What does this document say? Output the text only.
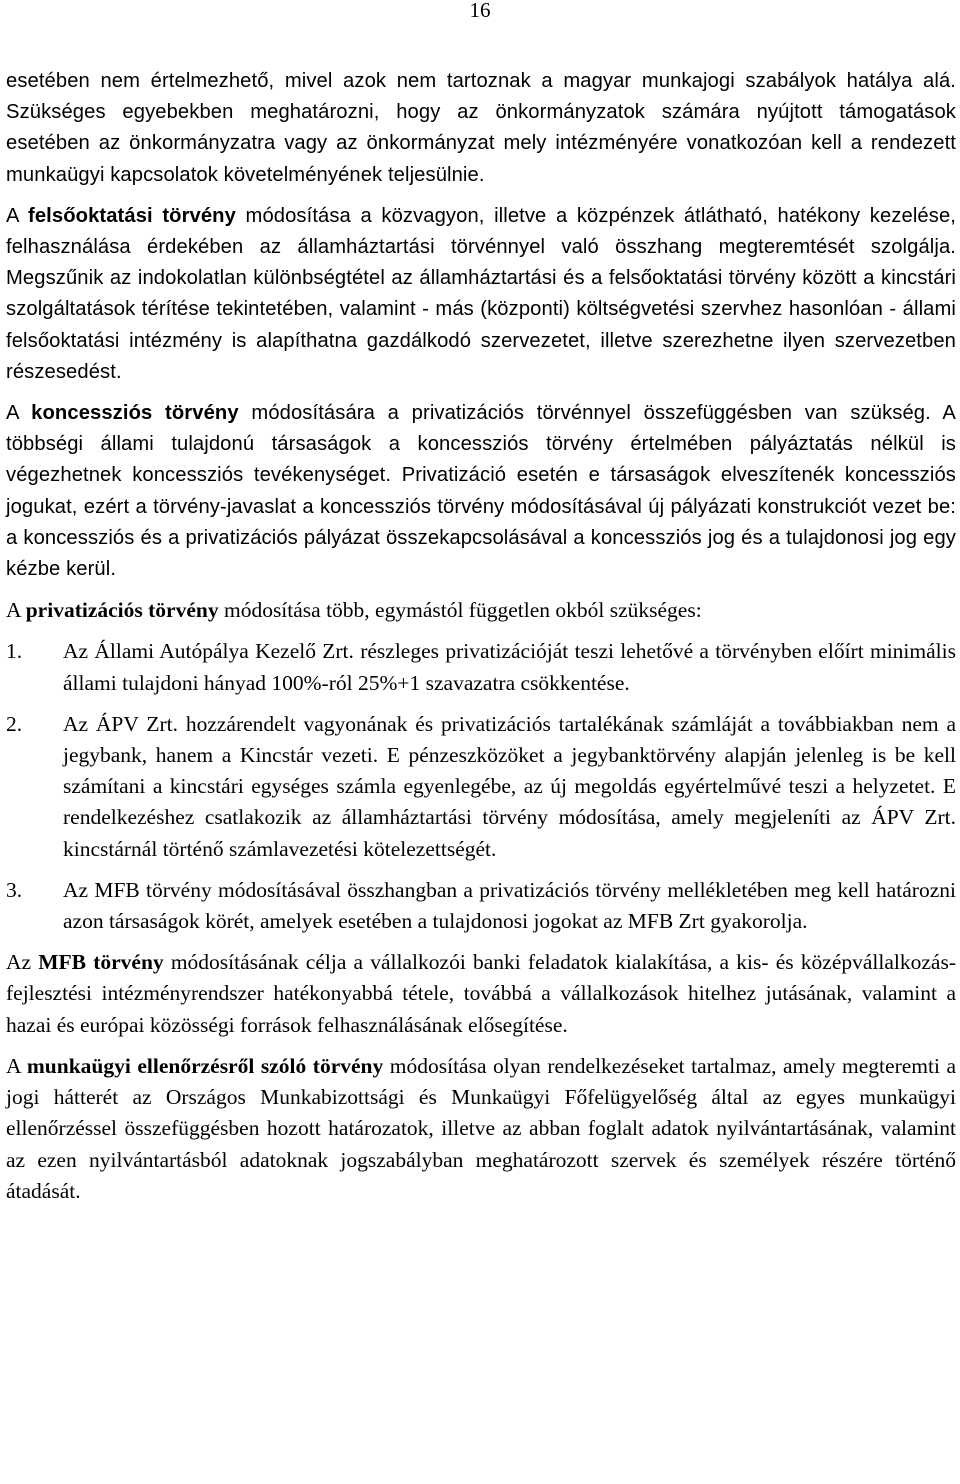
16

esetében nem értelmezhető, mivel azok nem tartoznak a magyar munkajogi szabályok hatálya alá. Szükséges egyebekben meghatározni, hogy az önkormányzatok számára nyújtott támogatások esetében az önkormányzatra vagy az önkormányzat mely intézményére vonatkozóan kell a rendezett munkaügyi kapcsolatok követelményének teljesülnie.

A felsőoktatási törvény módosítása a közvagyon, illetve a közpénzek átlátható, hatékony kezelése, felhasználása érdekében az államháztartási törvénnyel való összhang megteremtését szolgálja. Megszűnik az indokolatlan különbségtétel az államháztartási és a felsőoktatási törvény között a kincstári szolgáltatások térítése tekintetében, valamint - más (központi) költségvetési szervhez hasonlóan - állami felsőoktatási intézmény is alapíthatna gazdálkodó szervezetet, illetve szerezhetne ilyen szervezetben részesedést.

A koncessziós törvény módosítására a privatizációs törvénnyel összefüggésben van szükség. A többségi állami tulajdonú társaságok a koncessziós törvény értelmében pályáztatás nélkül is végezhetnek koncessziós tevékenységet. Privatizáció esetén e társaságok elveszítenék koncessziós jogukat, ezért a törvény-javaslat a koncessziós törvény módosításával új pályázati konstrukciót vezet be: a koncessziós és a privatizációs pályázat összekapcsolásával a koncessziós jog és a tulajdonosi jog egy kézbe kerül.

A privatizációs törvény módosítása több, egymástól független okból szükséges:

1.	Az Állami Autópálya Kezelő Zrt. részleges privatizációját teszi lehetővé a törvényben előírt minimális állami tulajdoni hányad 100%-ról 25%+1 szavazatra csökkentése.
2.	Az ÁPV Zrt. hozzárendelt vagyonának és privatizációs tartalékának számláját a továbbiakban nem a jegybank, hanem a Kincstár vezeti. E pénzeszközöket a jegybanktörvény alapján jelenleg is be kell számítani a kincstári egységes számla egyenlegébe, az új megoldás egyértelművé teszi a helyzetet. E rendelkezéshez csatlakozik az államháztartási törvény módosítása, amely megjeleníti az ÁPV Zrt. kincstárnál történő számlavezetési kötelezettségét.
3.	Az MFB törvény módosításával összhangban a privatizációs törvény mellékletében meg kell határozni azon társaságok körét, amelyek esetében a tulajdonosi jogokat az MFB Zrt gyakorolja.

Az MFB törvény módosításának célja a vállalkozói banki feladatok kialakítása, a kis- és középvállalkozás-fejlesztési intézményrendszer hatékonyabbá tétele, továbbá a vállalkozások hitelhez jutásának, valamint a hazai és európai közösségi források felhasználásának elősegítése.

A munkaügyi ellenőrzésről szóló törvény módosítása olyan rendelkezéseket tartalmaz, amely megteremti a jogi hátterét az Országos Munkabizottsági és Munkaügyi Főfelügyelőség által az egyes munkaügyi ellenőrzéssel összefüggésben hozott határozatok, illetve az abban foglalt adatok nyilvántartásának, valamint az ezen nyilvántartásból adatoknak jogszabályban meghatározott szervek és személyek részére történő átadását.
